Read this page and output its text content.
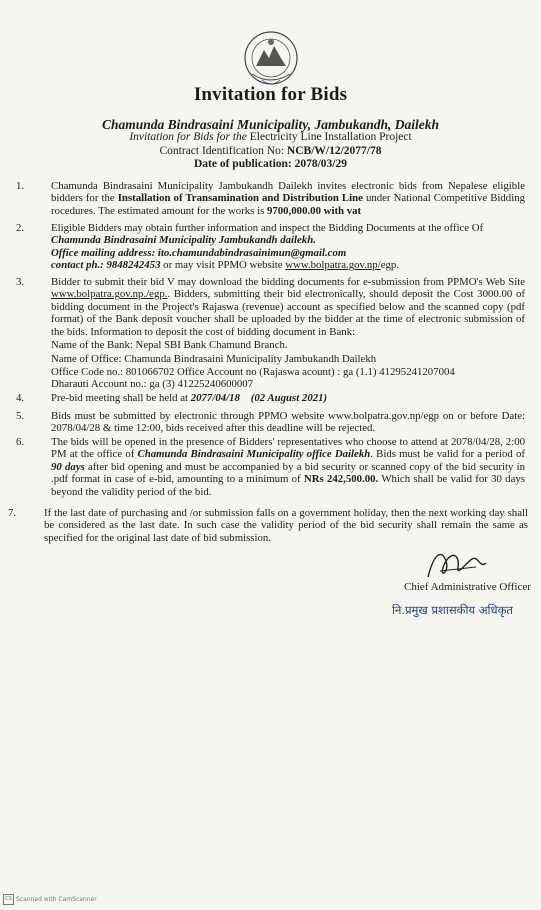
Invitation for Bids
Chamunda Bindrasaini Municipality, Jambukandh, Dailekh
Invitation for Bids for the Electricity Line Installation Project
Contract Identification No: NCB/W/12/2077/78
Date of publication: 2078/03/29
1. Chamunda Bindrasaini Municipality Jambukandh Dailekh invites electronic bids from Nepalese eligible bidders for the Installation of Transamination and Distribution Line under National Competitive Bidding rocedures. The estimated amount for the works is 9700,000.00 with vat
2. Eligible Bidders may obtain further information and inspect the Bidding Documents at the office Of

Chamunda Bindrasaini Municipality Jambukandh dailekh.

Office mailing address: ito.chamundabindrasainimun@gmail.com

contact ph.: 9848242453 or may visit PPMO website www.bolpatra.gov.np/egp.

3. Bidder to submit their bid V may download the bidding documents for e-submission from PPMO's Web Site www.bolpatra.gov.np./egp.. Bidders, submitting their bid electronically, should deposit the Cost 3000.00 of bidding document in the Project's Rajaswa (revenue) account as specified below and the scanned copy (pdf format) of the Bank deposit voucher shall be uploaded by the bidder at the time of electronic submission of the bids. Information to deposit the cost of bidding document in Bank:

Name of the Bank: Nepal SBI Bank Chamund Branch.

Name of Office: Chamunda Bindrasaini Municipality Jambukandh Dailekh

Office Code no.: 801066702 Office Account no (Rajaswa acount) : ga (1.1) 41295241207004

Dharauti Account no.: ga (3) 41225240600007

4. Pre-bid meeting shall be held at 2077/04/18 (02 August 2021)
5. Bids must be submitted by electronic through PPMO website www.bolpatra.gov.np/egp on or before Date: 2078/04/28 & time 12:00, bids received after this deadline will be rejected.
6. The bids will be opened in the presence of Bidders' representatives who choose to attend at 2078/04/28, 2:00 PM at the office of Chamunda Bindrasaini Municipality office Dailekh. Bids must be valid for a period of 90 days after bid opening and must be accompanied by a bid security or scanned copy of the bid security in .pdf format in case of e-bid, amounting to a minimum of NRs 242,500.00. Which shall be valid for 30 days beyond the validity period of the bid.
7.	If the last date of purchasing and /or submission falls on a government holiday, then the next working day shall be considered as the last date. In such case the validity period of the bid security shall remain the same as specified for the original last date of bid submission.
Chief Administrative Officer
नि.प्रमुख प्रशासकीय अधिकृत
CS Scanned with CamScanner
